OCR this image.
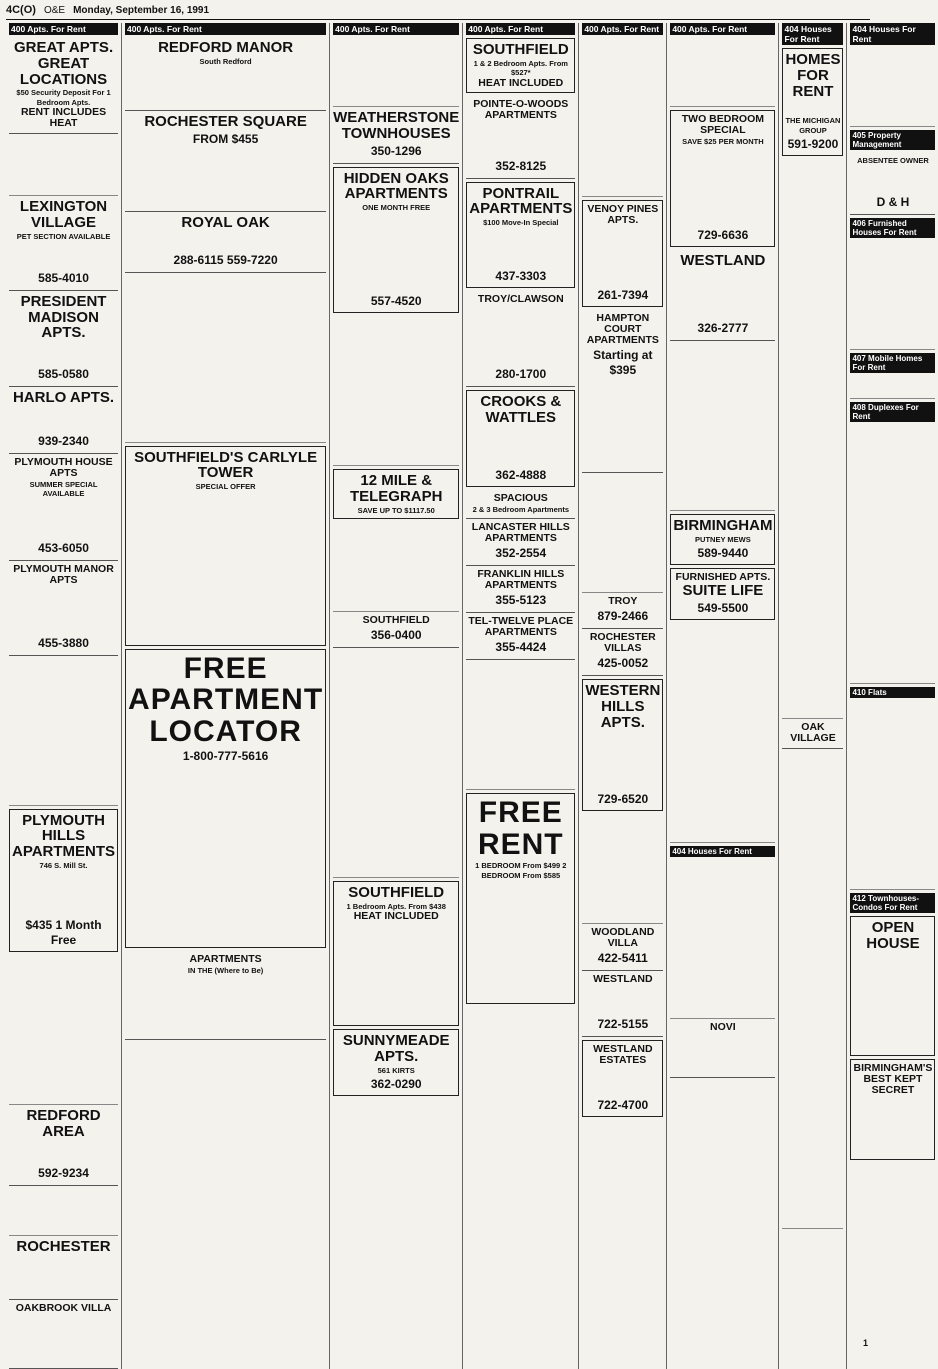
4C(O) O&E Monday, September 16, 1991
400 Apts. For Rent
GREAT APTS. GREAT LOCATIONS
$50 Security Deposit For 1 Bedroom Apts.
RENT INCLUDES HEAT
LEXINGTON VILLAGE
PET SECTION AVAILABLE
585-4010
PRESIDENT MADISON APTS.
585-0580
HARLO APTS.
939-2340
PLYMOUTH HOUSE APTS
SUMMER SPECIAL AVAILABLE
453-6050
PLYMOUTH MANOR APTS
455-3880
PLYMOUTH HILLS APARTMENTS
746 S. Mill St.
$435 1 Month Free
REDFORD AREA
592-9234
ROCHESTER
OAKBROOK VILLA
400 Apts. For Rent
REDFORD MANOR
South Redford
ROCHESTER SQUARE
FROM $455
ROYAL OAK
288-6115 559-7220
SOUTHFIELD'S CARLYLE TOWER
SPECIAL OFFER
FREE APARTMENT LOCATOR
1-800-777-5616
APARTMENTS
IN THE (Where to Be)
400 Apts. For Rent
WEATHERSTONE TOWNHOUSES
350-1296
HIDDEN OAKS APARTMENTS
ONE MONTH FREE
557-4520
12 MILE & TELEGRAPH
SAVE UP TO $1117.50
SOUTHFIELD
356-0400
SOUTHFIELD
1 Bedroom Apts. From $438
HEAT INCLUDED
SUNNYMEADE APTS.
561 KIRTS
362-0290
400 Apts. For Rent
SOUTHFIELD
1 & 2 Bedroom Apts. From $527*
HEAT INCLUDED
POINTE-O-WOODS APARTMENTS
352-8125
PONTRAIL APARTMENTS
$100 Move-In Special
437-3303
TROY/CLAWSON
280-1700
CROOKS & WATTLES
362-4888
SPACIOUS
2 & 3 Bedroom Apartments
LANCASTER HILLS APARTMENTS
352-2554
FRANKLIN HILLS APARTMENTS
355-5123
TEL-TWELVE PLACE APARTMENTS
355-4424
FREE RENT
1 BEDROOM From $499 2 BEDROOM From $585
400 Apts. For Rent
VENOY PINES APTS.
261-7394
HAMPTON COURT APARTMENTS
Starting at $395
TROY
879-2466
ROCHESTER VILLAS
425-0052
WESTERN HILLS APTS.
729-6520
WOODLAND VILLA
422-5411
WESTLAND
722-5155
WESTLAND ESTATES
722-4700
400 Apts. For Rent
TWO BEDROOM SPECIAL
SAVE $25 PER MONTH
729-6636
WESTLAND
326-2777
BIRMINGHAM
PUTNEY MEWS
589-9440
FURNISHED APTS.
SUITE LIFE
549-5500
404 Houses For Rent
NOVI
404 Houses For Rent
HOMES FOR RENT
THE MICHIGAN GROUP
591-9200
OAK VILLAGE
404 Houses For Rent
405 Property Management
ABSENTEE OWNER
D & H
406 Furnished Houses For Rent
407 Mobile Homes For Rent
408 Duplexes For Rent
410 Flats
412 Townhouses-Condos For Rent
OPEN HOUSE
BIRMINGHAM'S BEST KEPT SECRET
1
